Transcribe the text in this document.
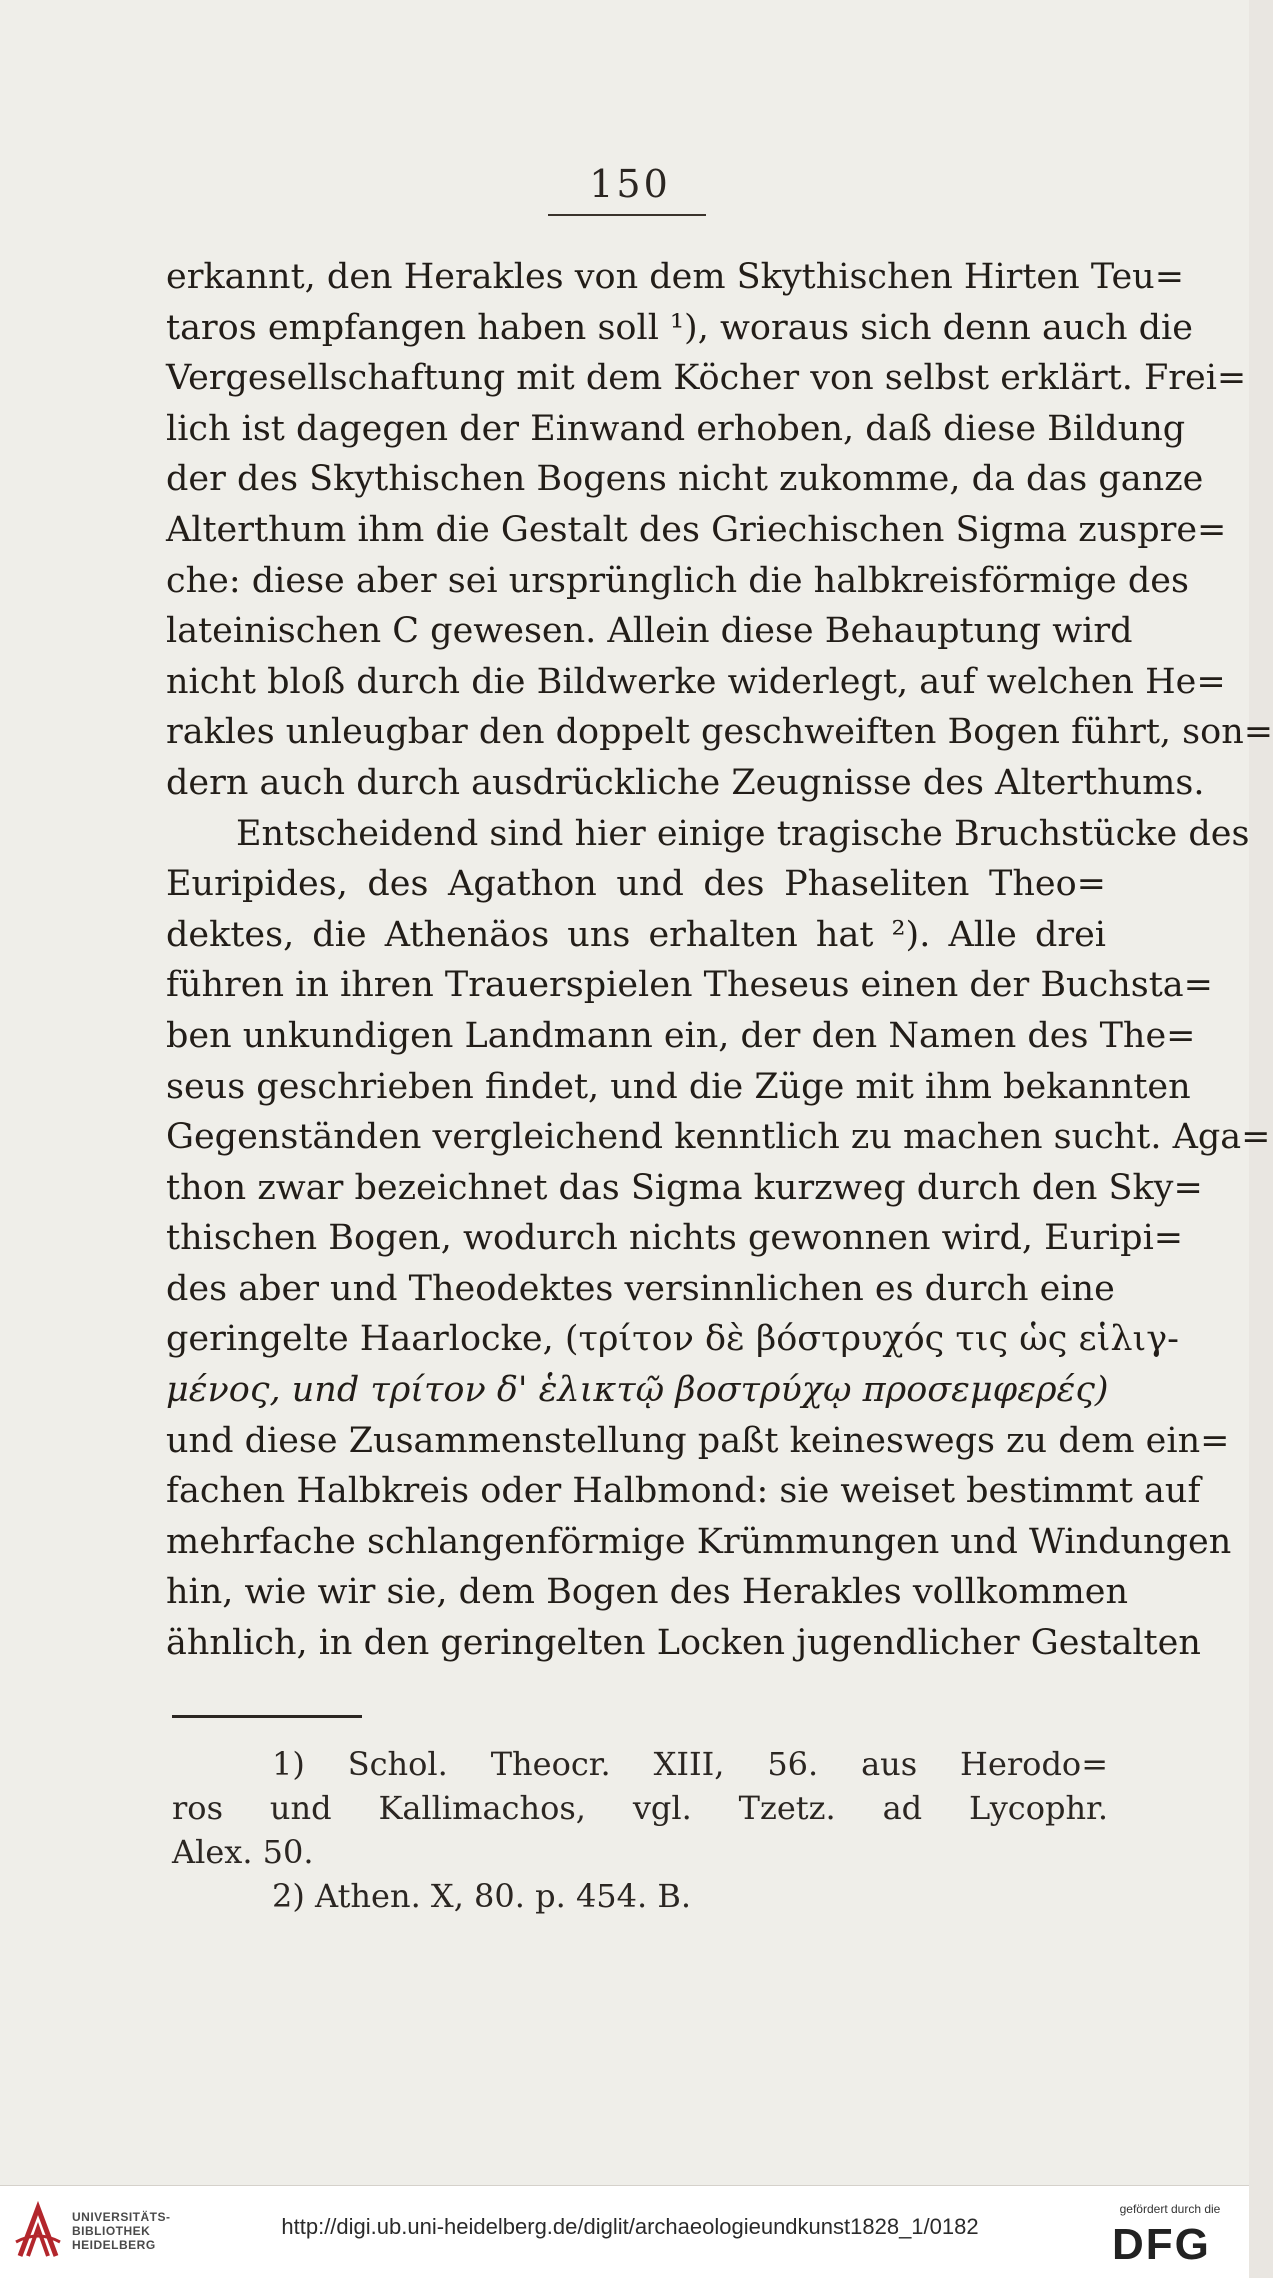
150
erkannt, den Herakles von dem Skythischen Hirten Teu=
taros empfangen haben soll ¹), woraus sich denn auch die
Vergesellschaftung mit dem Köcher von selbst erklärt. Frei=
lich ist dagegen der Einwand erhoben, daß diese Bildung
der des Skythischen Bogens nicht zukomme, da das ganze
Alterthum ihm die Gestalt des Griechischen Sigma zuspre=
che: diese aber sei ursprünglich die halbkreisförmige des
lateinischen C gewesen. Allein diese Behauptung wird
nicht bloß durch die Bildwerke widerlegt, auf welchen He=
rakles unleugbar den doppelt geschweiften Bogen führt, son=
dern auch durch ausdrückliche Zeugnisse des Alterthums.
Entscheidend sind hier einige tragische Bruchstücke des
Euripides, des Agathon und des Phaseliten Theo=
dektes, die Athenäos uns erhalten hat ²). Alle drei
führen in ihren Trauerspielen Theseus einen der Buchsta=
ben unkundigen Landmann ein, der den Namen des The=
seus geschrieben findet, und die Züge mit ihm bekannten
Gegenständen vergleichend kenntlich zu machen sucht. Aga=
thon zwar bezeichnet das Sigma kurzweg durch den Sky=
thischen Bogen, wodurch nichts gewonnen wird, Euripi=
des aber und Theodektes versinnlichen es durch eine
geringelte Haarlocke, (τρίτον δὲ βόστρυχός τις ὡς εἱλιγ-
μένος, und τρίτον δ' ἑλικτῷ βοστρύχῳ προσεμφερές)
und diese Zusammenstellung paßt keineswegs zu dem ein=
fachen Halbkreis oder Halbmond: sie weiset bestimmt auf
mehrfache schlangenförmige Krümmungen und Windungen
hin, wie wir sie, dem Bogen des Herakles vollkommen
ähnlich, in den geringelten Locken jugendlicher Gestalten
1) Schol. Theocr. XIII, 56. aus Herodo=
ros und Kallimachos, vgl. Tzetz. ad Lycophr.
Alex. 50.
2) Athen. X, 80. p. 454. B.
UNIVERSITÄTS-
BIBLIOTHEK
HEIDELBERG
http://digi.ub.uni-heidelberg.de/diglit/archaeologieundkunst1828_1/0182
gefördert durch die
DFG
